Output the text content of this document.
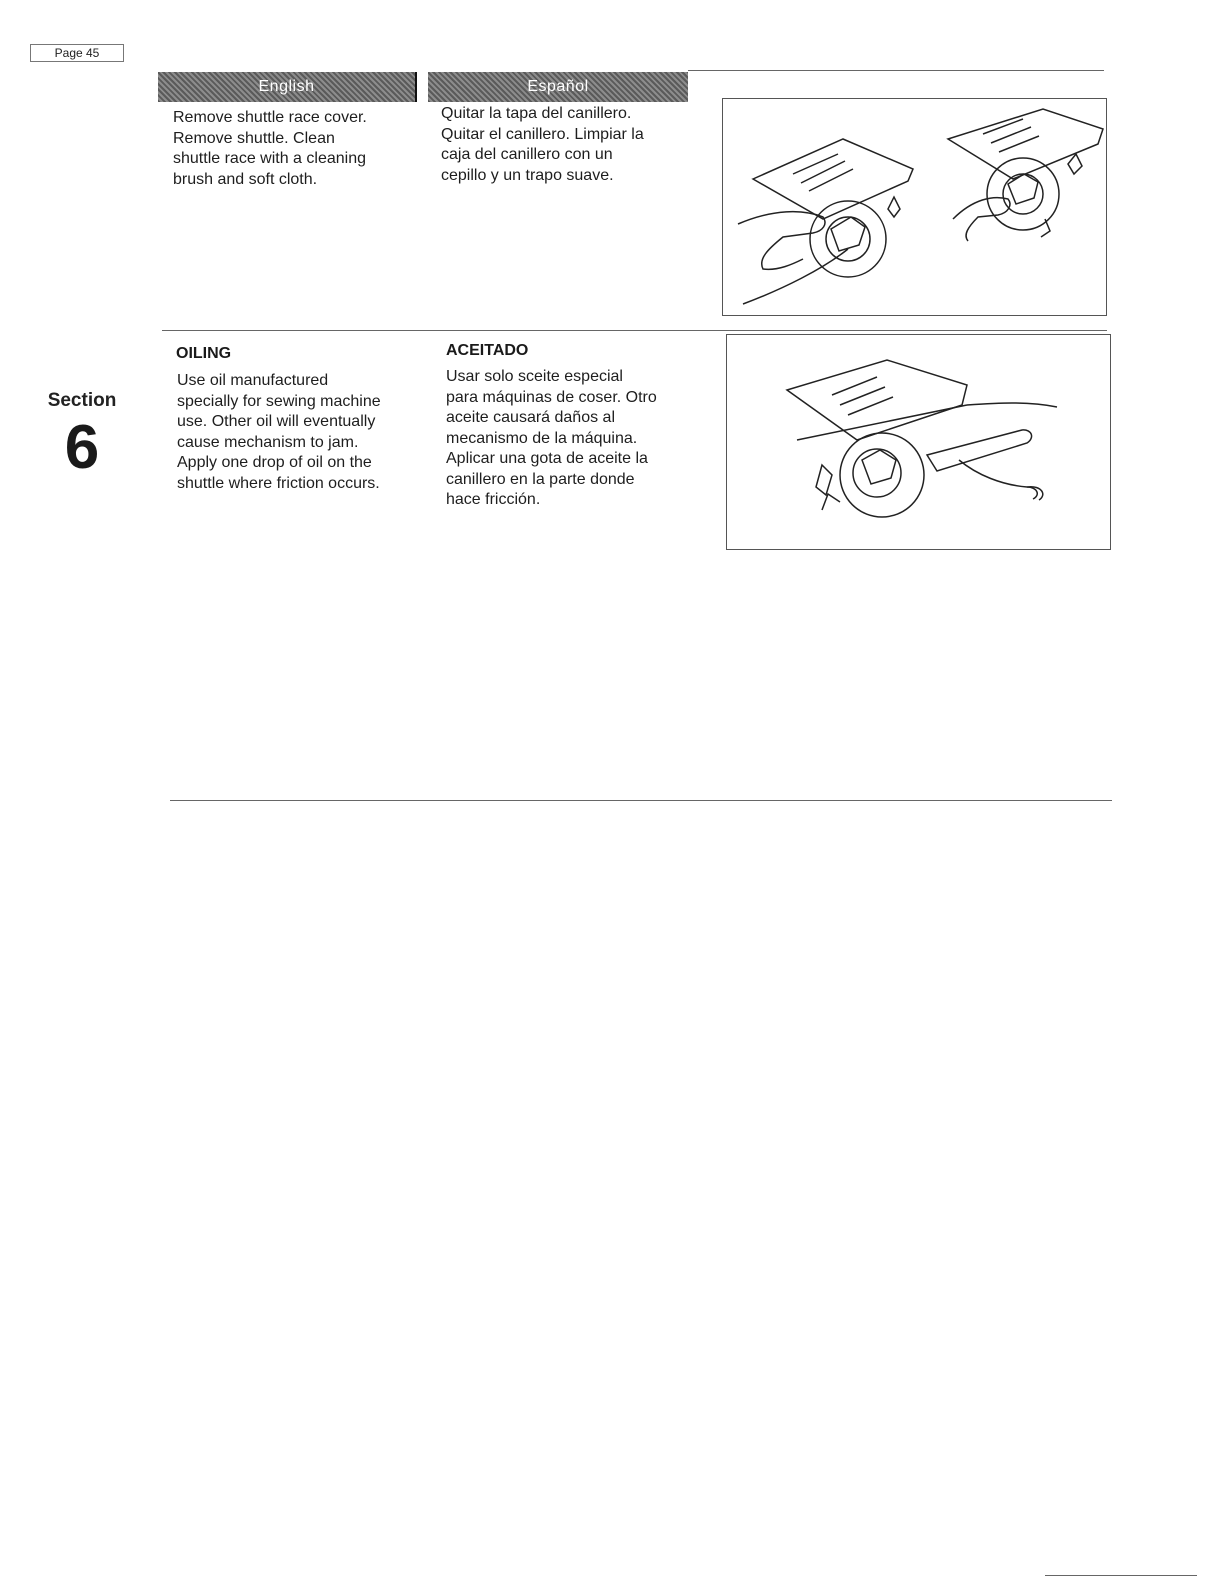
Page 45
English	Español
Remove shuttle race cover.
Remove shuttle. Clean
shuttle race with a cleaning
brush and soft cloth.
Quitar la tapa del canillero.
Quitar el canillero. Limpiar la
caja del canillero con un
cepillo y un trapo suave.
Section
6
OILING	ACEITADO
Use oil manufactured
specially for sewing machine
use. Other oil will eventually
cause mechanism to jam.
Apply one drop of oil on the
shuttle where friction occurs.
Usar solo sceite especial
para máquinas de coser. Otro
aceite causará daños al
mecanismo de la máquina.
Aplicar una gota de aceite la
canillero en la parte donde
hace fricción.
